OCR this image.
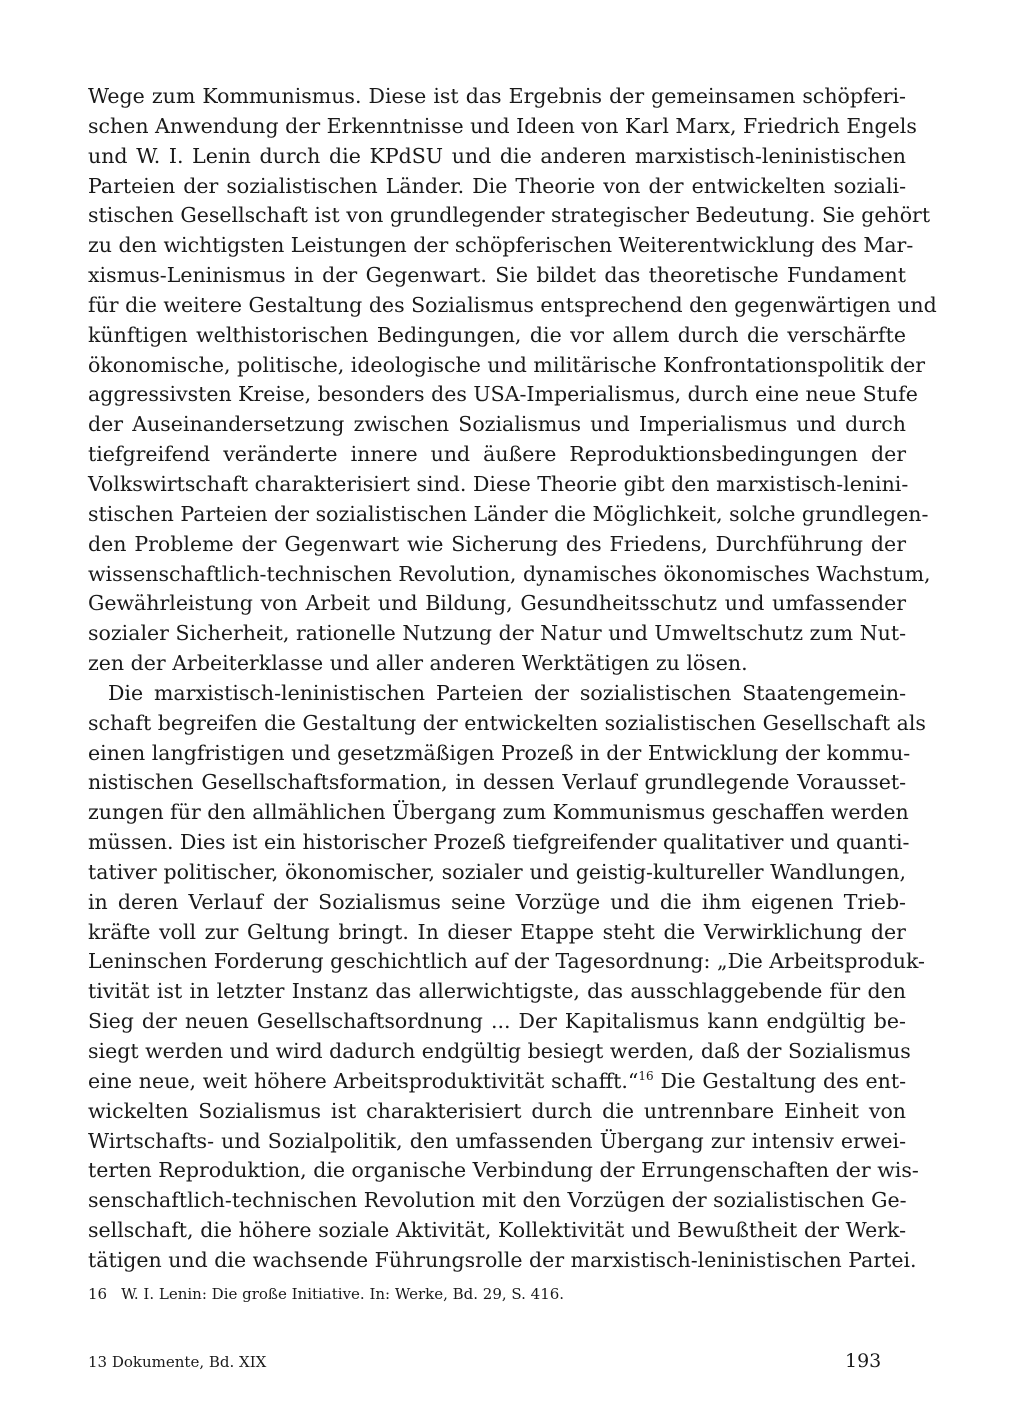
Wege zum Kommunismus. Diese ist das Ergebnis der gemeinsamen schöpferi-
schen Anwendung der Erkenntnisse und Ideen von Karl Marx, Friedrich Engels
und W. I. Lenin durch die KPdSU und die anderen marxistisch-leninistischen
Parteien der sozialistischen Länder. Die Theorie von der entwickelten soziali-
stischen Gesellschaft ist von grundlegender strategischer Bedeutung. Sie gehört
zu den wichtigsten Leistungen der schöpferischen Weiterentwicklung des Mar-
xismus-Leninismus in der Gegenwart. Sie bildet das theoretische Fundament
für die weitere Gestaltung des Sozialismus entsprechend den gegenwärtigen und
künftigen welthistorischen Bedingungen, die vor allem durch die verschärfte
ökonomische, politische, ideologische und militärische Konfrontationspolitik der
aggressivsten Kreise, besonders des USA-Imperialismus, durch eine neue Stufe
der Auseinandersetzung zwischen Sozialismus und Imperialismus und durch
tiefgreifend veränderte innere und äußere Reproduktionsbedingungen der
Volkswirtschaft charakterisiert sind. Diese Theorie gibt den marxistisch-lenini-
stischen Parteien der sozialistischen Länder die Möglichkeit, solche grundlegen-
den Probleme der Gegenwart wie Sicherung des Friedens, Durchführung der
wissenschaftlich-technischen Revolution, dynamisches ökonomisches Wachstum,
Gewährleistung von Arbeit und Bildung, Gesundheitsschutz und umfassender
sozialer Sicherheit, rationelle Nutzung der Natur und Umweltschutz zum Nut-
zen der Arbeiterklasse und aller anderen Werktätigen zu lösen.
Die marxistisch-leninistischen Parteien der sozialistischen Staatengemein-
schaft begreifen die Gestaltung der entwickelten sozialistischen Gesellschaft als
einen langfristigen und gesetzmäßigen Prozeß in der Entwicklung der kommu-
nistischen Gesellschaftsformation, in dessen Verlauf grundlegende Vorausset-
zungen für den allmählichen Übergang zum Kommunismus geschaffen werden
müssen. Dies ist ein historischer Prozeß tiefgreifender qualitativer und quanti-
tativer politischer, ökonomischer, sozialer und geistig-kultureller Wandlungen,
in deren Verlauf der Sozialismus seine Vorzüge und die ihm eigenen Trieb-
kräfte voll zur Geltung bringt. In dieser Etappe steht die Verwirklichung der
Leninschen Forderung geschichtlich auf der Tagesordnung: „Die Arbeitsproduk-
tivität ist in letzter Instanz das allerwichtigste, das ausschlaggebende für den
Sieg der neuen Gesellschaftsordnung ... Der Kapitalismus kann endgültig be-
siegt werden und wird dadurch endgültig besiegt werden, daß der Sozialismus
eine neue, weit höhere Arbeitsproduktivität schafft.“$^{16}$ Die Gestaltung des ent-
wickelten Sozialismus ist charakterisiert durch die untrennbare Einheit von
Wirtschafts- und Sozialpolitik, den umfassenden Übergang zur intensiv erwei-
terten Reproduktion, die organische Verbindung der Errungenschaften der wis-
senschaftlich-technischen Revolution mit den Vorzügen der sozialistischen Ge-
sellschaft, die höhere soziale Aktivität, Kollektivität und Bewußtheit der Werk-
tätigen und die wachsende Führungsrolle der marxistisch-leninistischen Partei.
16 W. I. Lenin: Die große Initiative. In: Werke, Bd. 29, S. 416.
13 Dokumente, Bd. XIX	193
